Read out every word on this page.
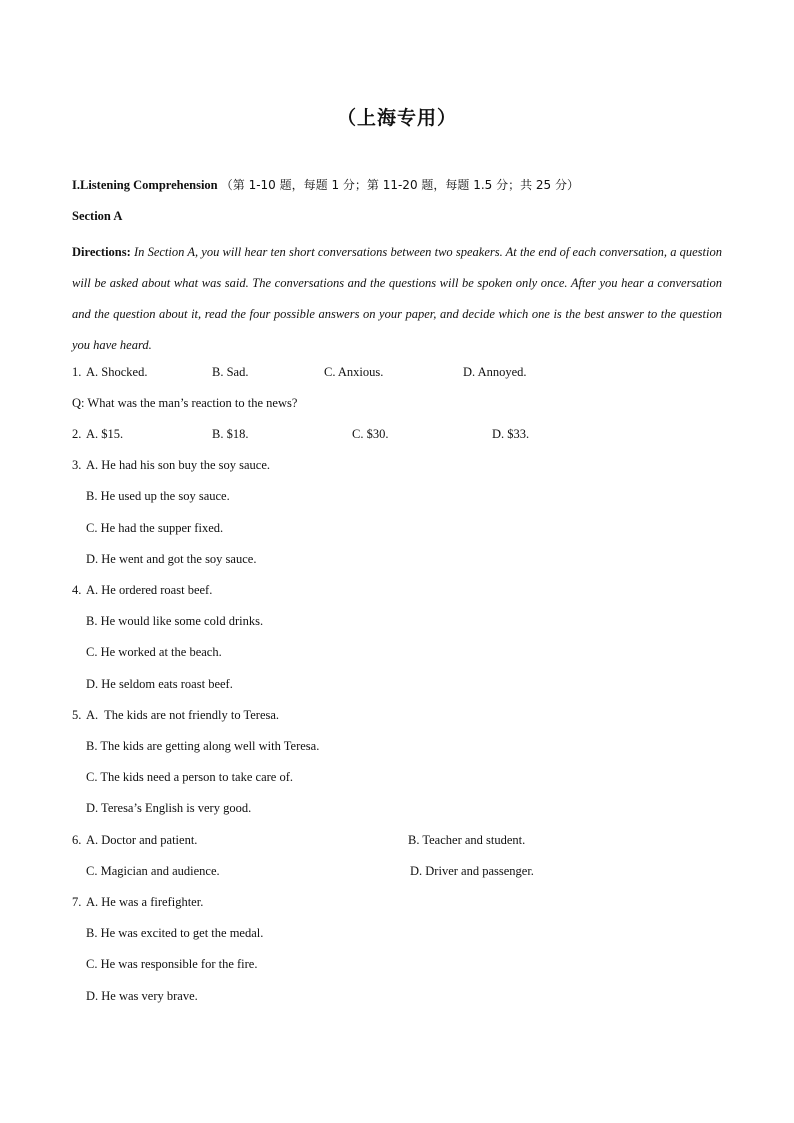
（上海专用）
I.Listening Comprehension （第 1-10 题，每题 1 分；第 11-20 题，每题 1.5 分；共 25 分）
Section A
Directions: In Section A, you will hear ten short conversations between two speakers. At the end of each conversation, a question will be asked about what was said. The conversations and the questions will be spoken only once. After you hear a conversation and the question about it, read the four possible answers on your paper, and decide which one is the best answer to the question you have heard.
1. A. Shocked.	B. Sad.	C. Anxious.	D. Annoyed.
Q: What was the man’s reaction to the news?
2. A. $15.	B. $18.	C. $30.	D. $33.
3. A. He had his son buy the soy sauce.
B. He used up the soy sauce.
C. He had the supper fixed.
D. He went and got the soy sauce.
4. A. He ordered roast beef.
B. He would like some cold drinks.
C. He worked at the beach.
D. He seldom eats roast beef.
5. A.  The kids are not friendly to Teresa.
B. The kids are getting along well with Teresa.
C. The kids need a person to take care of.
D. Teresa’s English is very good.
6. A. Doctor and patient.	B. Teacher and student.
C. Magician and audience.	D. Driver and passenger.
7. A. He was a firefighter.
B. He was excited to get the medal.
C. He was responsible for the fire.
D. He was very brave.
